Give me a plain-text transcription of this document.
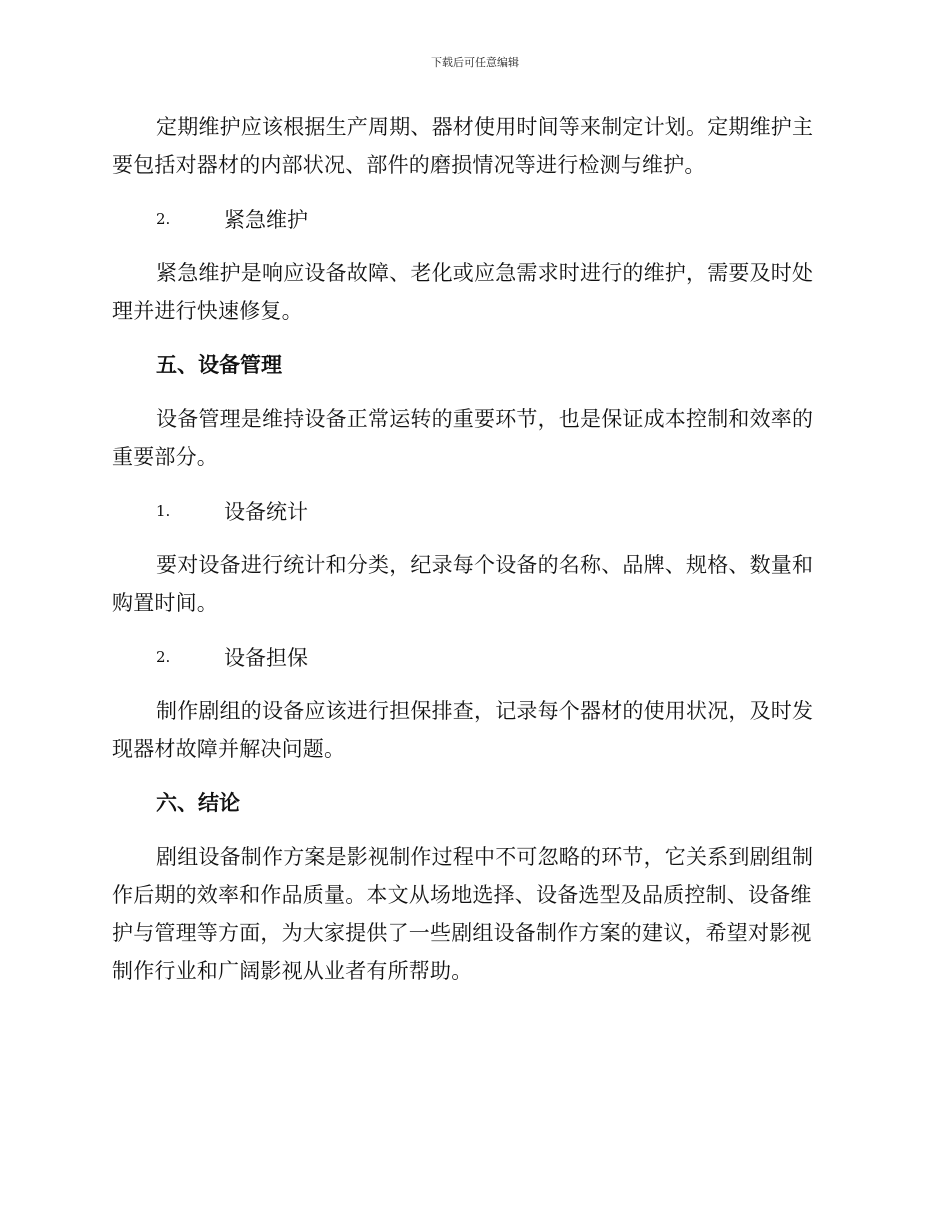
下载后可任意编辑

定期维护应该根据生产周期、器材使用时间等来制定计划。定期维护主要包括对器材的内部状况、部件的磨损情况等进行检测与维护。

2.	紧急维护

紧急维护是响应设备故障、老化或应急需求时进行的维护，需要及时处理并进行快速修复。

五、设备管理

设备管理是维持设备正常运转的重要环节，也是保证成本控制和效率的重要部分。

1.	设备统计

要对设备进行统计和分类，纪录每个设备的名称、品牌、规格、数量和购置时间。

2.	设备担保

制作剧组的设备应该进行担保排查，记录每个器材的使用状况，及时发现器材故障并解决问题。

六、结论

剧组设备制作方案是影视制作过程中不可忽略的环节，它关系到剧组制作后期的效率和作品质量。本文从场地选择、设备选型及品质控制、设备维护与管理等方面，为大家提供了一些剧组设备制作方案的建议，希望对影视制作行业和广阔影视从业者有所帮助。
